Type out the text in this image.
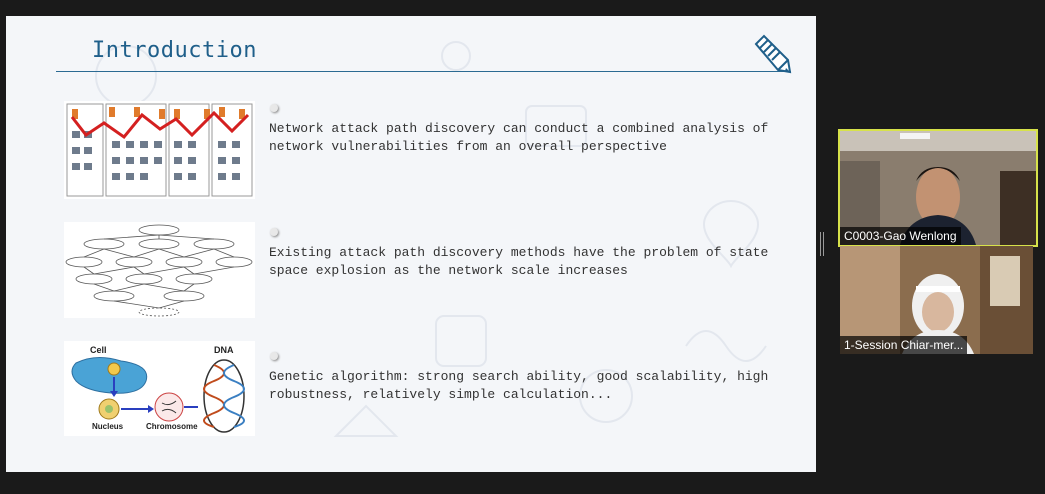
Introduction
Network attack path discovery can conduct a combined analysis of network vulnerabilities from an overall perspective
Existing attack path discovery methods have the problem of state space explosion as the network scale increases
Genetic algorithm: strong search ability, good scalability, high robustness, relatively simple calculation...
Cell
Nucleus	Chromosome
DNA
C0003-Gao Wenlong
1-Session Chiar-mer...
